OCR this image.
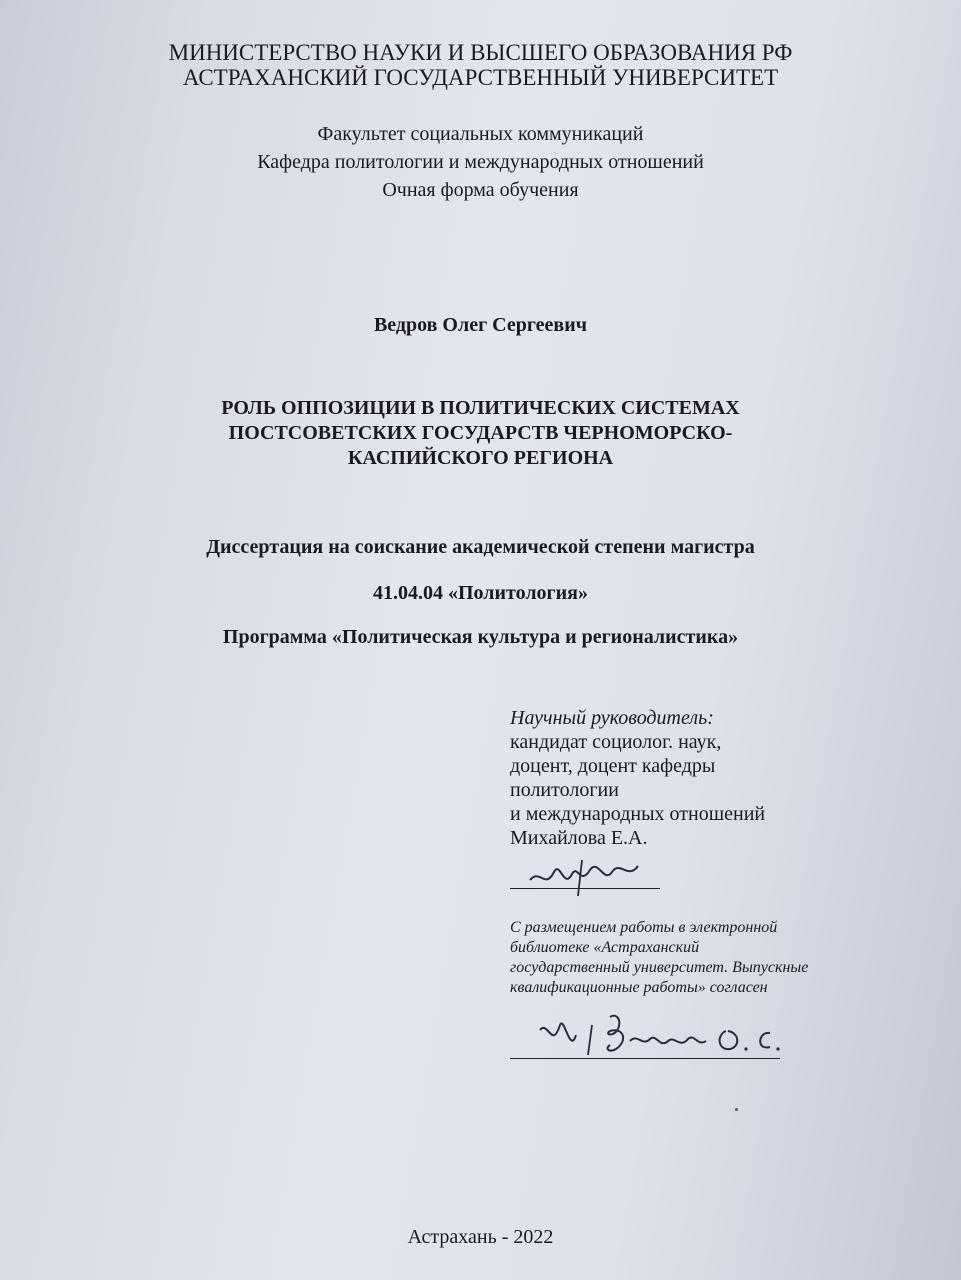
МИНИСТЕРСТВО НАУКИ И ВЫСШЕГО ОБРАЗОВАНИЯ РФ
АСТРАХАНСКИЙ ГОСУДАРСТВЕННЫЙ УНИВЕРСИТЕТ
Факультет социальных коммуникаций
Кафедра политологии и международных отношений
Очная форма обучения
Ведров Олег Сергеевич
РОЛЬ ОППОЗИЦИИ В ПОЛИТИЧЕСКИХ СИСТЕМАХ
ПОСТСОВЕТСКИХ ГОСУДАРСТВ ЧЕРНОМОРСКО-
КАСПИЙСКОГО РЕГИОНА
Диссертация на соискание академической степени магистра
41.04.04 «Политология»
Программа «Политическая культура и регионалистика»
Научный руководитель:
кандидат социолог. наук,
доцент, доцент кафедры
политологии
и международных отношений
Михайлова Е.А.
С размещением работы в электронной
библиотеке «Астраханский
государственный университет. Выпускные
квалификационные работы» согласен
Астрахань - 2022
